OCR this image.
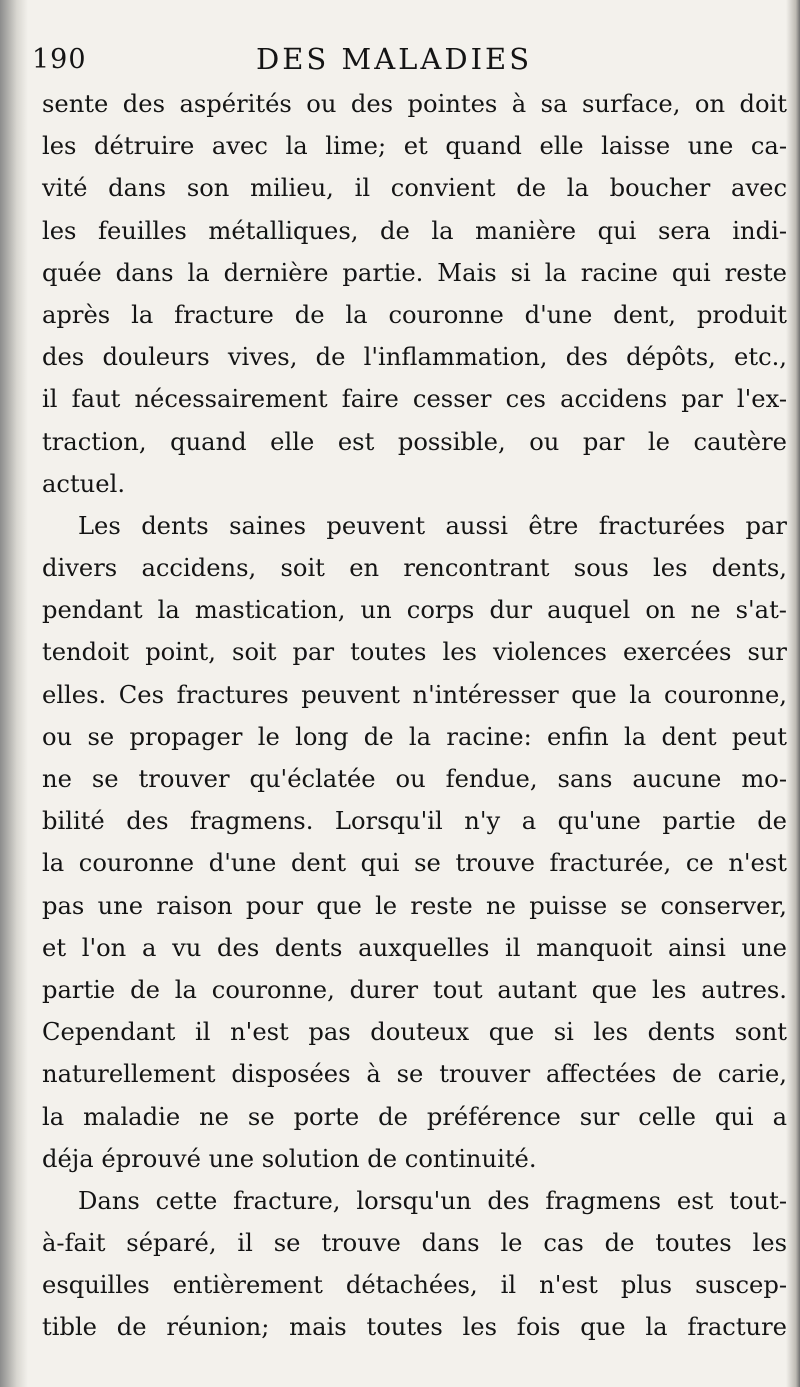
190	DES MALADIES
sente des aspérités ou des pointes à sa surface, on doit
les détruire avec la lime; et quand elle laisse une ca-
vité dans son milieu, il convient de la boucher avec
les feuilles métalliques, de la manière qui sera indi-
quée dans la dernière partie. Mais si la racine qui reste
après la fracture de la couronne d'une dent, produit
des douleurs vives, de l'inflammation, des dépôts, etc.,
il faut nécessairement faire cesser ces accidens par l'ex-
traction, quand elle est possible, ou par le cautère
actuel.
Les dents saines peuvent aussi être fracturées par
divers accidens, soit en rencontrant sous les dents,
pendant la mastication, un corps dur auquel on ne s'at-
tendoit point, soit par toutes les violences exercées sur
elles. Ces fractures peuvent n'intéresser que la couronne,
ou se propager le long de la racine: enfin la dent peut
ne se trouver qu'éclatée ou fendue, sans aucune mo-
bilité des fragmens. Lorsqu'il n'y a qu'une partie de
la couronne d'une dent qui se trouve fracturée, ce n'est
pas une raison pour que le reste ne puisse se conserver,
et l'on a vu des dents auxquelles il manquoit ainsi une
partie de la couronne, durer tout autant que les autres.
Cependant il n'est pas douteux que si les dents sont
naturellement disposées à se trouver affectées de carie,
la maladie ne se porte de préférence sur celle qui a
déja éprouvé une solution de continuité.
Dans cette fracture, lorsqu'un des fragmens est tout-
à-fait séparé, il se trouve dans le cas de toutes les
esquilles entièrement détachées, il n'est plus suscep-
tible de réunion; mais toutes les fois que la fracture
